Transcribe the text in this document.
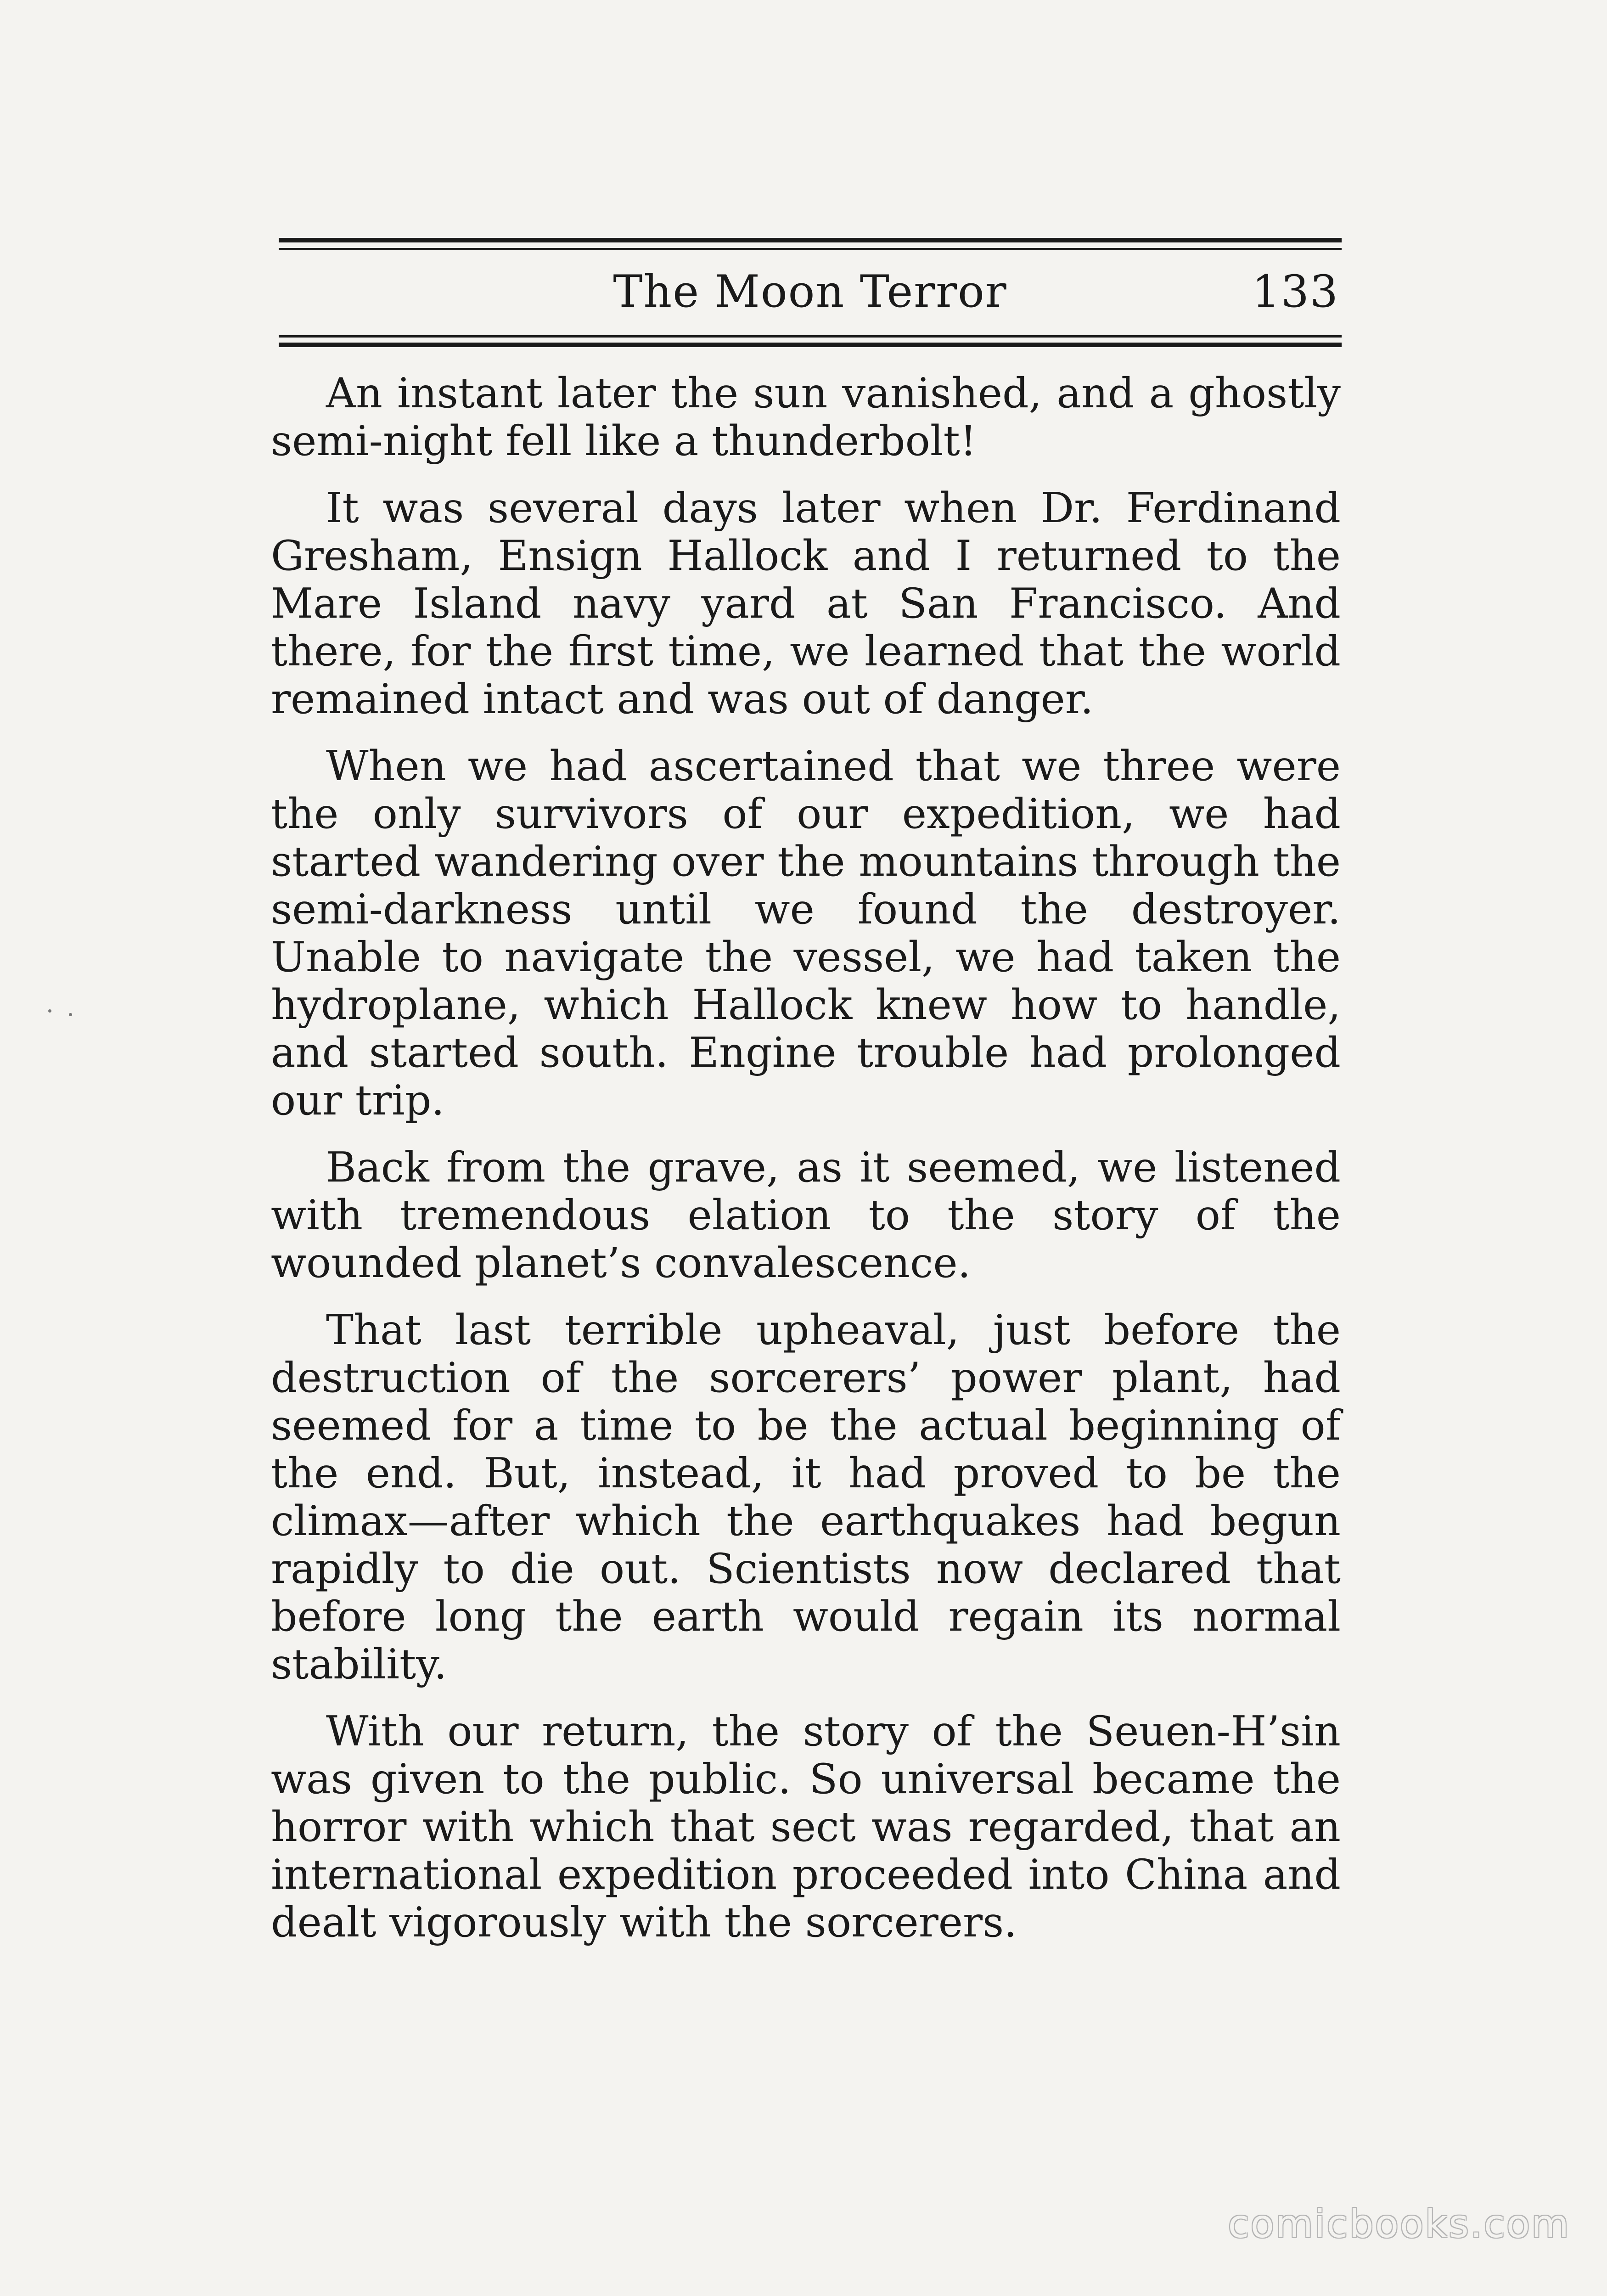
The Moon Terror	133

An instant later the sun vanished, and a ghostly semi-night fell like a thunderbolt!

It was several days later when Dr. Ferdinand Gresham, Ensign Hallock and I returned to the Mare Island navy yard at San Francisco. And there, for the first time, we learned that the world remained intact and was out of danger.

When we had ascertained that we three were the only survivors of our expedition, we had started wandering over the mountains through the semi-darkness until we found the destroyer. Unable to navigate the vessel, we had taken the hydroplane, which Hallock knew how to handle, and started south. Engine trouble had prolonged our trip.

Back from the grave, as it seemed, we listened with tremendous elation to the story of the wounded planet’s convalescence.

That last terrible upheaval, just before the destruction of the sorcerers’ power plant, had seemed for a time to be the actual beginning of the end. But, instead, it had proved to be the climax—after which the earthquakes had begun rapidly to die out. Scientists now declared that before long the earth would regain its normal stability.

With our return, the story of the Seuen-H’sin was given to the public. So universal became the horror with which that sect was regarded, that an international expedition proceeded into China and dealt vigorously with the sorcerers.

comicbooks.com
